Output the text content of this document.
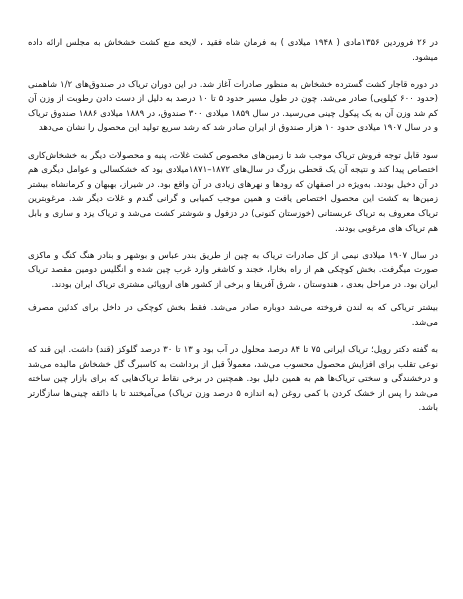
در ۲۶ فروردین ۱۳۵۶مادی ( ۱۹۴۸ میلادی ) به فرمان شاه فقید ، لایحه منع کشت خشخاش به مجلس ارائه داده میشود.

در دوره قاجار کشت گسترده خشخاش به منظور صادرات آغاز شد. در این دوران تریاک در صندوق‌های ۱/۲ شاهمنی (حدود ۶۰۰ کیلویی) صادر می‌شد. چون در طول مسیر حدود ۵ تا ۱۰ درصد به دلیل از دست دادن رطوبت از وزن آن کم شد وزن آن به یک پیکول چینی می‌رسید. در سال ۱۸۵۹ میلادی ۳۰۰ صندوق، در ۱۸۸۹ میلادی ۱۸۸۶ صندوق تریاک و در سال ۱۹۰۷ میلادی حدود ۱۰ هزار صندوق از ایران صادر شد که رشد سریع تولید این محصول را نشان می‌دهد

سود قابل توجه فروش تریاک موجب شد تا زمین‌های مخصوص کشت غلات، پنبه و محصولات دیگر به خشخاش‌کاری اختصاص پیدا کند و نتیجه آن یک قحطی بزرگ در سال‌های ۱۸۷۲–۱۸۷۱میلادی بود که خشکسالی و عوامل دیگری هم در آن دخیل بودند. به‌ویژه در اصفهان که رودها و نهرهای زیادی در آن واقع بود. در شیراز، بهبهان و کرمانشاه بیشتر زمین‌ها به کشت این محصول اختصاص یافت و همین موجب کمیابی و گرانی گندم و غلات دیگر شد. مرغوبترین تریاک معروف به تریاک عربستانی (خوزستان کنونی) در دزفول و شوشتر کشت می‌شد و تریاک یزد و ساری و بابل هم تریاک های مرغوبی بودند.

در سال ۱۹۰۷ میلادی نیمی از کل صادرات تریاک به چین از طریق بندر عباس و بوشهر و بنادر هنگ کنگ و ماکزی صورت میگرفت. بخش کوچکی هم از راه بخارا، خجند و کاشغر وارد غرب چین شده و انگلیس دومین مقصد تریاک ایران بود. در مراحل بعدی ، هندوستان ، شرق آفریقا و برخی از کشور های اروپائی مشتری تریاک ایران بودند.

بیشتر تریاکی که به لندن فروخته می‌شد دوباره صادر می‌شد. فقط بخش کوچکی در داخل برای کدئین مصرف می‌شد.

به گفته دکتر رویل؛ تریاک ایرانی ۷۵ تا ۸۴ درصد محلول در آب بود و ۱۳ تا ۳۰ درصد گلوکز (قند) داشت. این قند که نوعی تقلب برای افزایش محصول محسوب می‌شد، معمولاً قبل از برداشت به کاسبرگ گل خشخاش مالیده می‌شد و درخشندگی و سختی تریاک‌ها هم به همین دلیل بود. همچنین در برخی نقاط تریاک‌هایی که برای بازار چین ساخته می‌شد را پس از خشک کردن با کمی روغن (به اندازه ۵ درصد وزن تریاک) می‌آمیختند تا با ذائقه چینی‌ها سازگارتر باشد.
